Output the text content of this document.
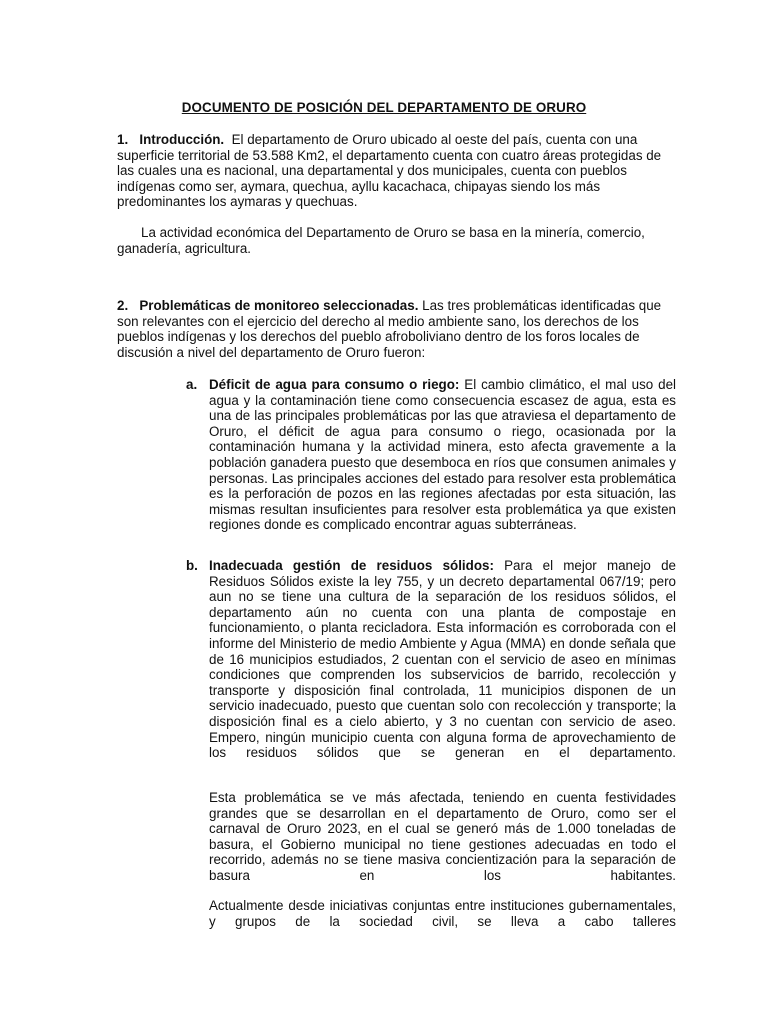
DOCUMENTO DE POSICIÓN DEL DEPARTAMENTO DE ORURO
1. Introducción. El departamento de Oruro ubicado al oeste del país, cuenta con una superficie territorial de 53.588 Km2, el departamento cuenta con cuatro áreas protegidas de las cuales una es nacional, una departamental y dos municipales, cuenta con pueblos indígenas como ser, aymara, quechua, ayllu kacachaca, chipayas siendo los más predominantes los aymaras y quechuas.
La actividad económica del Departamento de Oruro se basa en la minería, comercio, ganadería, agricultura.
2. Problemáticas de monitoreo seleccionadas. Las tres problemáticas identificadas que son relevantes con el ejercicio del derecho al medio ambiente sano, los derechos de los pueblos indígenas y los derechos del pueblo afroboliviano dentro de los foros locales de discusión a nivel del departamento de Oruro fueron:
a. Déficit de agua para consumo o riego: El cambio climático, el mal uso del agua y la contaminación tiene como consecuencia escasez de agua, esta es una de las principales problemáticas por las que atraviesa el departamento de Oruro, el déficit de agua para consumo o riego, ocasionada por la contaminación humana y la actividad minera, esto afecta gravemente a la población ganadera puesto que desemboca en ríos que consumen animales y personas. Las principales acciones del estado para resolver esta problemática es la perforación de pozos en las regiones afectadas por esta situación, las mismas resultan insuficientes para resolver esta problemática ya que existen regiones donde es complicado encontrar aguas subterráneas.
b. Inadecuada gestión de residuos sólidos: Para el mejor manejo de Residuos Sólidos existe la ley 755, y un decreto departamental 067/19; pero aun no se tiene una cultura de la separación de los residuos sólidos, el departamento aún no cuenta con una planta de compostaje en funcionamiento, o planta recicladora. Esta información es corroborada con el informe del Ministerio de medio Ambiente y Agua (MMA) en donde señala que de 16 municipios estudiados, 2 cuentan con el servicio de aseo en mínimas condiciones que comprenden los subservicios de barrido, recolección y transporte y disposición final controlada, 11 municipios disponen de un servicio inadecuado, puesto que cuentan solo con recolección y transporte; la disposición final es a cielo abierto, y 3 no cuentan con servicio de aseo. Empero, ningún municipio cuenta con alguna forma de aprovechamiento de los residuos sólidos que se generan en el departamento.
Esta problemática se ve más afectada, teniendo en cuenta festividades grandes que se desarrollan en el departamento de Oruro, como ser el carnaval de Oruro 2023, en el cual se generó más de 1.000 toneladas de basura, el Gobierno municipal no tiene gestiones adecuadas en todo el recorrido, además no se tiene masiva concientización para la separación de basura en los habitantes.
Actualmente desde iniciativas conjuntas entre instituciones gubernamentales, y grupos de la sociedad civil, se lleva a cabo talleres
